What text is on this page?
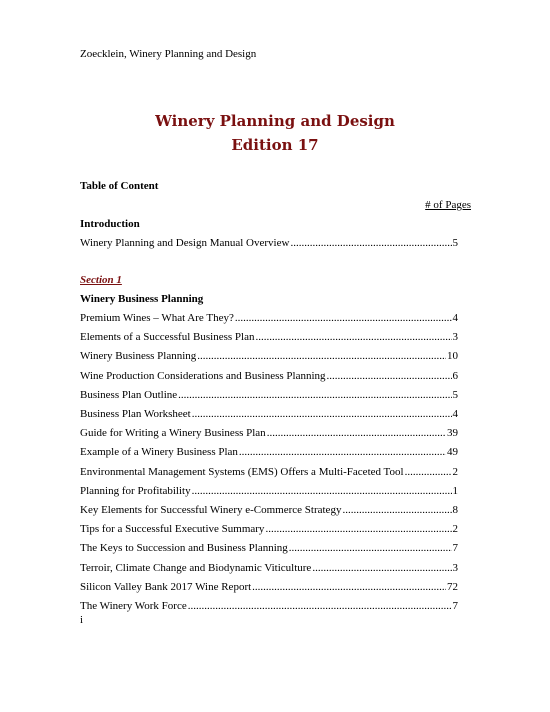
Zoecklein, Winery Planning and Design
Winery Planning and Design
Edition 17
Table of Content
# of Pages
Introduction
Winery Planning and Design Manual Overview .....	5
Section 1
Winery Business Planning
Premium Wines – What Are They? .....	4
Elements of a Successful Business Plan .....	3
Winery Business Planning .....	10
Wine Production Considerations and Business Planning .....	6
Business Plan Outline .....	5
Business Plan Worksheet .....	4
Guide for Writing a Winery Business Plan .....	39
Example of a Winery Business Plan .....	49
Environmental Management Systems (EMS) Offers a Multi-Faceted Tool .....	2
Planning for Profitability .....	1
Key Elements for Successful Winery e-Commerce Strategy .....	8
Tips for a Successful Executive Summary .....	2
The Keys to Succession and Business Planning .....	7
Terroir, Climate Change and Biodynamic Viticulture .....	3
Silicon Valley Bank 2017 Wine Report .....	72
The Winery Work Force .....	7
i
